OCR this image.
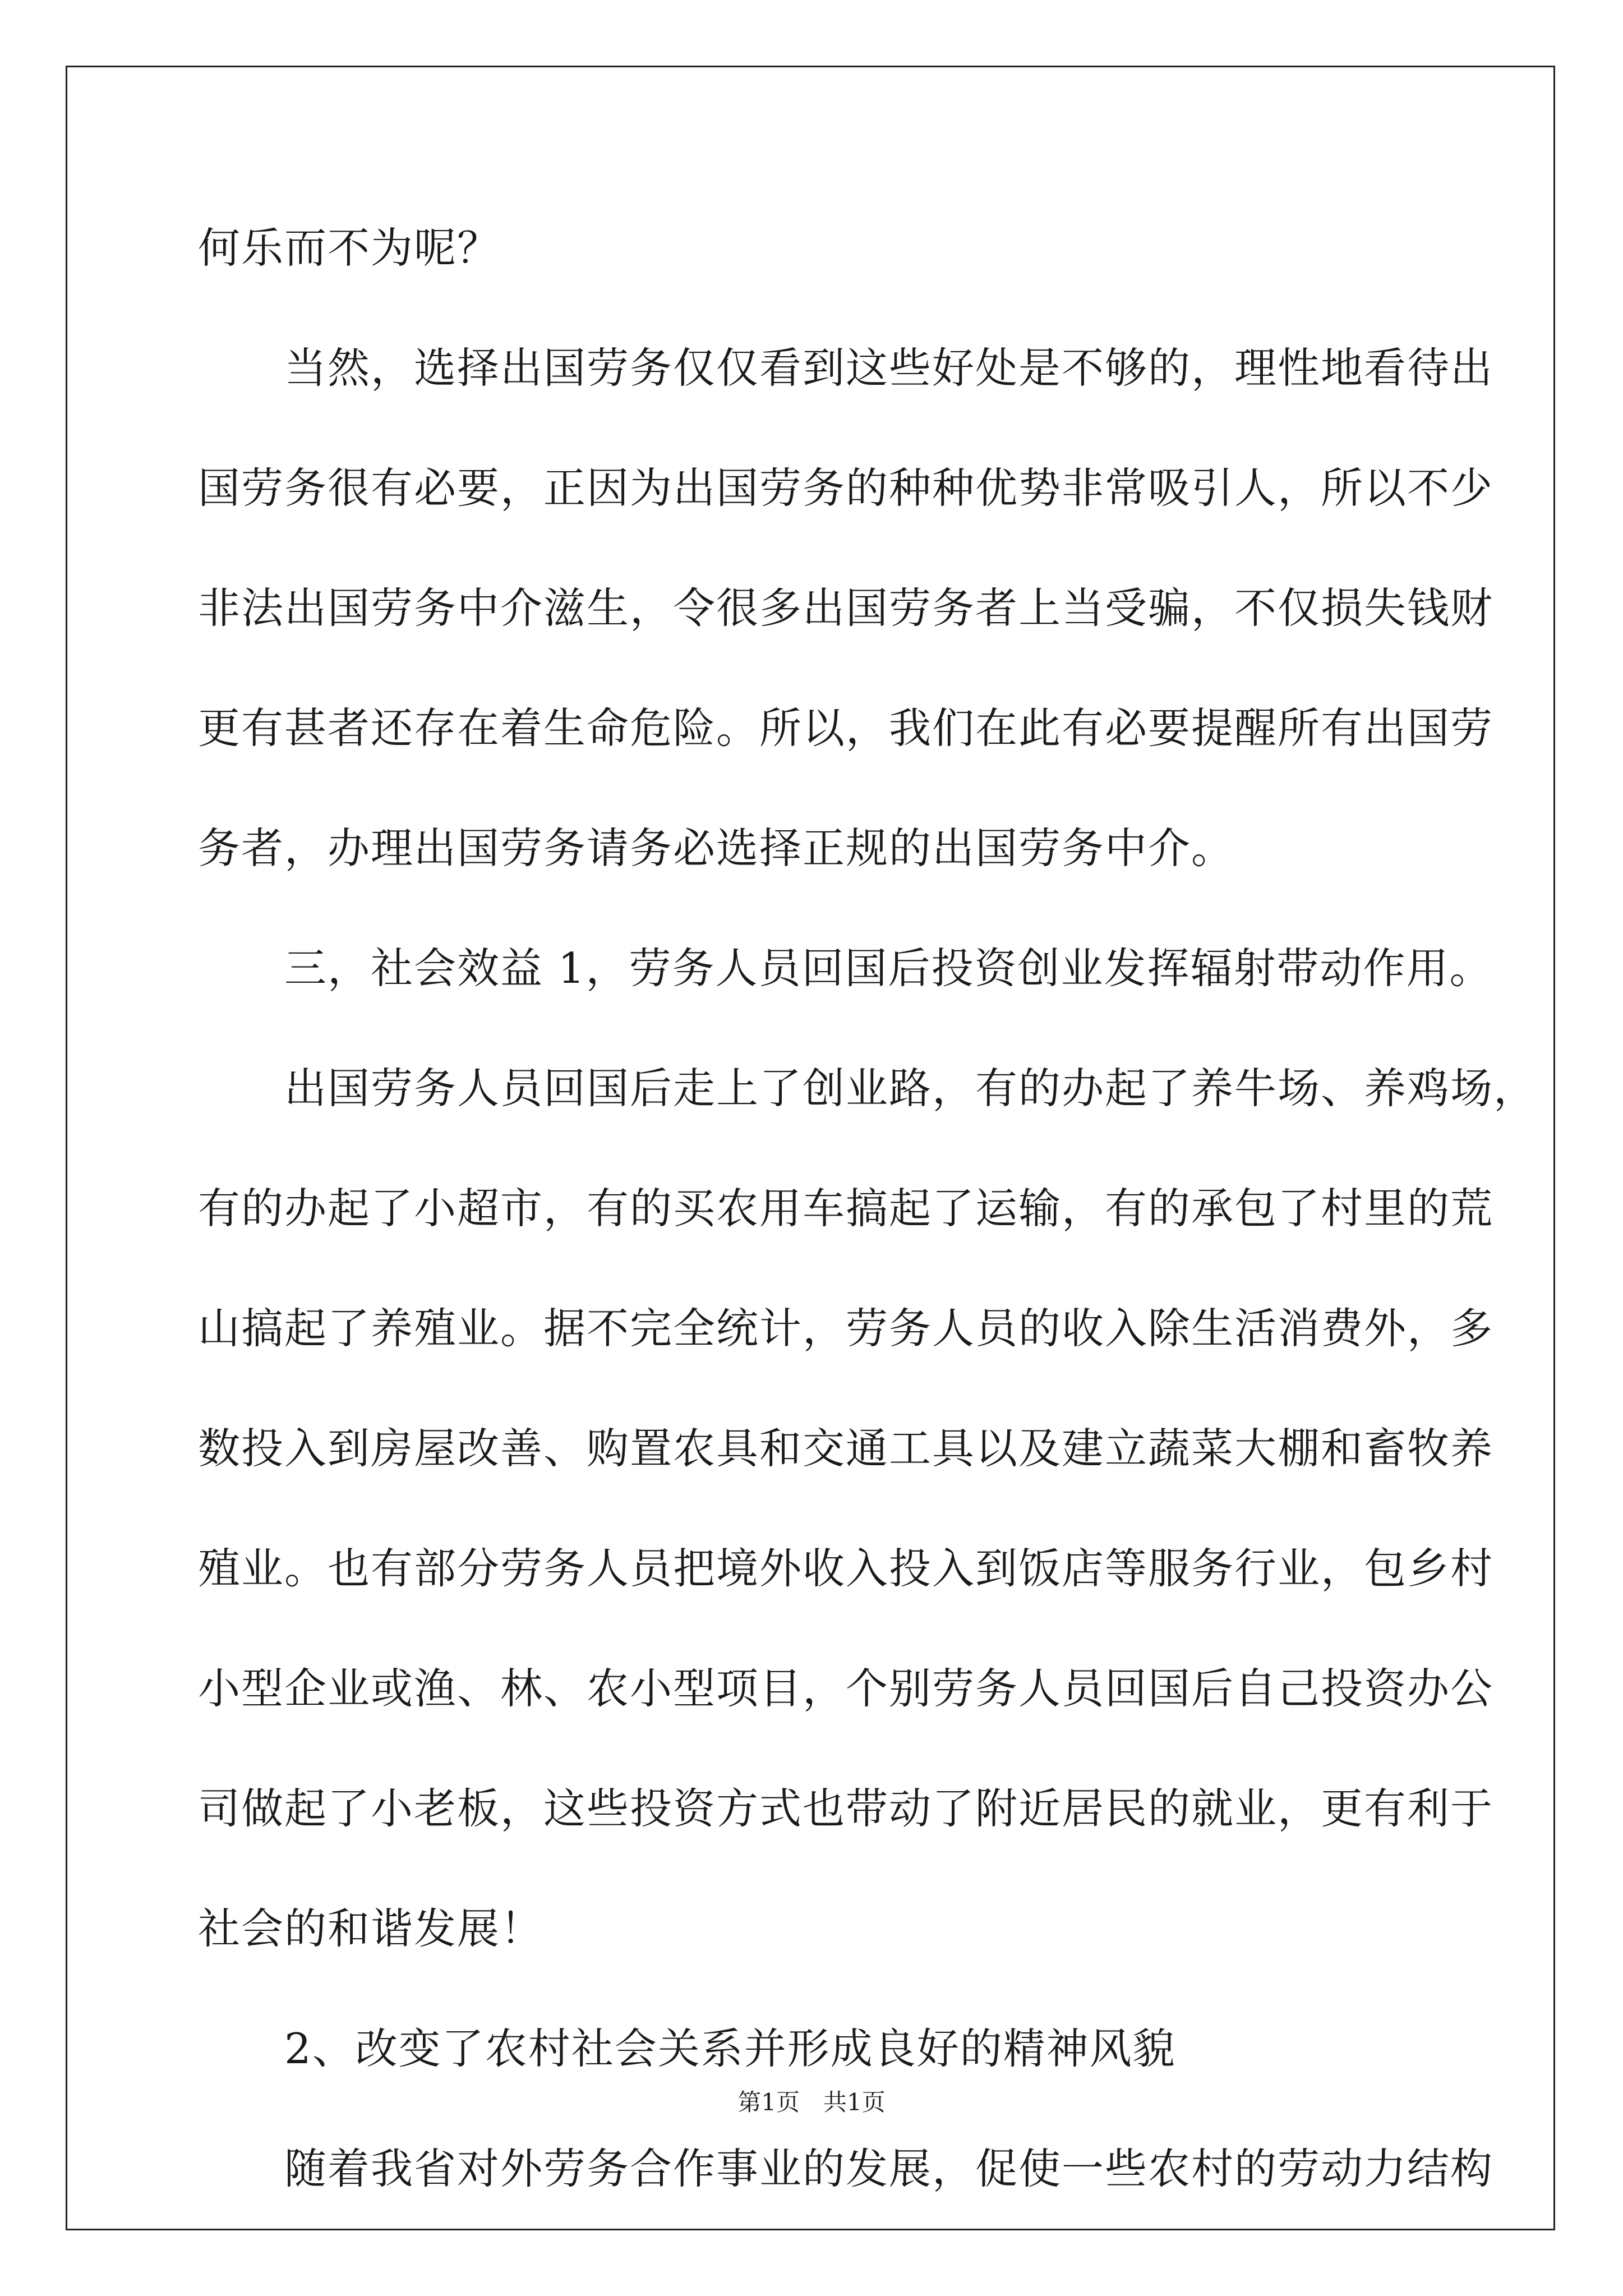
何乐而不为呢？
　　当然，选择出国劳务仅仅看到这些好处是不够的，理性地看待出
国劳务很有必要，正因为出国劳务的种种优势非常吸引人，所以不少
非法出国劳务中介滋生，令很多出国劳务者上当受骗，不仅损失钱财
更有甚者还存在着生命危险。所以，我们在此有必要提醒所有出国劳
务者，办理出国劳务请务必选择正规的出国劳务中介。
　　三，社会效益 1，劳务人员回国后投资创业发挥辐射带动作用。
　　出国劳务人员回国后走上了创业路，有的办起了养牛场、养鸡场，
有的办起了小超市，有的买农用车搞起了运输，有的承包了村里的荒
山搞起了养殖业。据不完全统计，劳务人员的收入除生活消费外，多
数投入到房屋改善、购置农具和交通工具以及建立蔬菜大棚和畜牧养
殖业。也有部分劳务人员把境外收入投入到饭店等服务行业，包乡村
小型企业或渔、林、农小型项目，个别劳务人员回国后自己投资办公
司做起了小老板，这些投资方式也带动了附近居民的就业，更有利于
社会的和谐发展！
　　2、改变了农村社会关系并形成良好的精神风貌
　　随着我省对外劳务合作事业的发展，促使一些农村的劳动力结构
第1页　共1页
